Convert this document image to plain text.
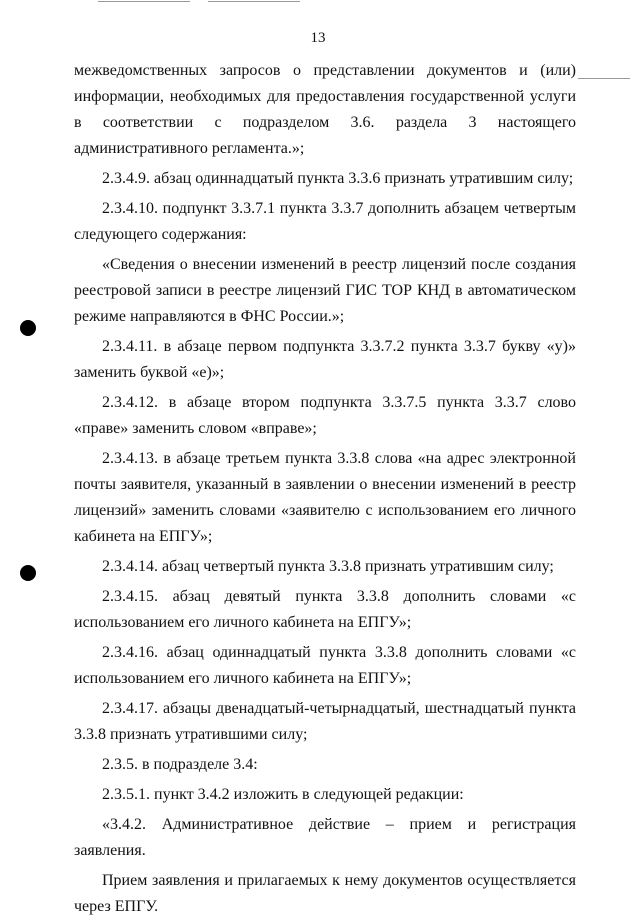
13

межведомственных запросов о представлении документов и (или) информации, необходимых для предоставления государственной услуги в соответствии с подразделом 3.6. раздела 3 настоящего административного регламента.»;

2.3.4.9. абзац одиннадцатый пункта 3.3.6 признать утратившим силу;

2.3.4.10. подпункт 3.3.7.1 пункта 3.3.7 дополнить абзацем четвертым следующего содержания:

«Сведения о внесении изменений в реестр лицензий после создания реестровой записи в реестре лицензий ГИС ТОР КНД в автоматическом режиме направляются в ФНС России.»;

2.3.4.11. в абзаце первом подпункта 3.3.7.2 пункта 3.3.7 букву «у)» заменить буквой «е)»;

2.3.4.12. в абзаце втором подпункта 3.3.7.5 пункта 3.3.7 слово «праве» заменить словом «вправе»;

2.3.4.13. в абзаце третьем пункта 3.3.8 слова «на адрес электронной почты заявителя, указанный в заявлении о внесении изменений в реестр лицензий» заменить словами «заявителю с использованием его личного кабинета на ЕПГУ»;

2.3.4.14. абзац четвертый пункта 3.3.8 признать утратившим силу;

2.3.4.15. абзац девятый пункта 3.3.8 дополнить словами «с использованием его личного кабинета на ЕПГУ»;

2.3.4.16. абзац одиннадцатый пункта 3.3.8 дополнить словами «с использованием его личного кабинета на ЕПГУ»;

2.3.4.17. абзацы двенадцатый-четырнадцатый, шестнадцатый пункта 3.3.8 признать утратившими силу;

2.3.5. в подразделе 3.4:

2.3.5.1. пункт 3.4.2 изложить в следующей редакции:

«3.4.2. Административное действие – прием и регистрация заявления.

Прием заявления и прилагаемых к нему документов осуществляется через ЕПГУ.
